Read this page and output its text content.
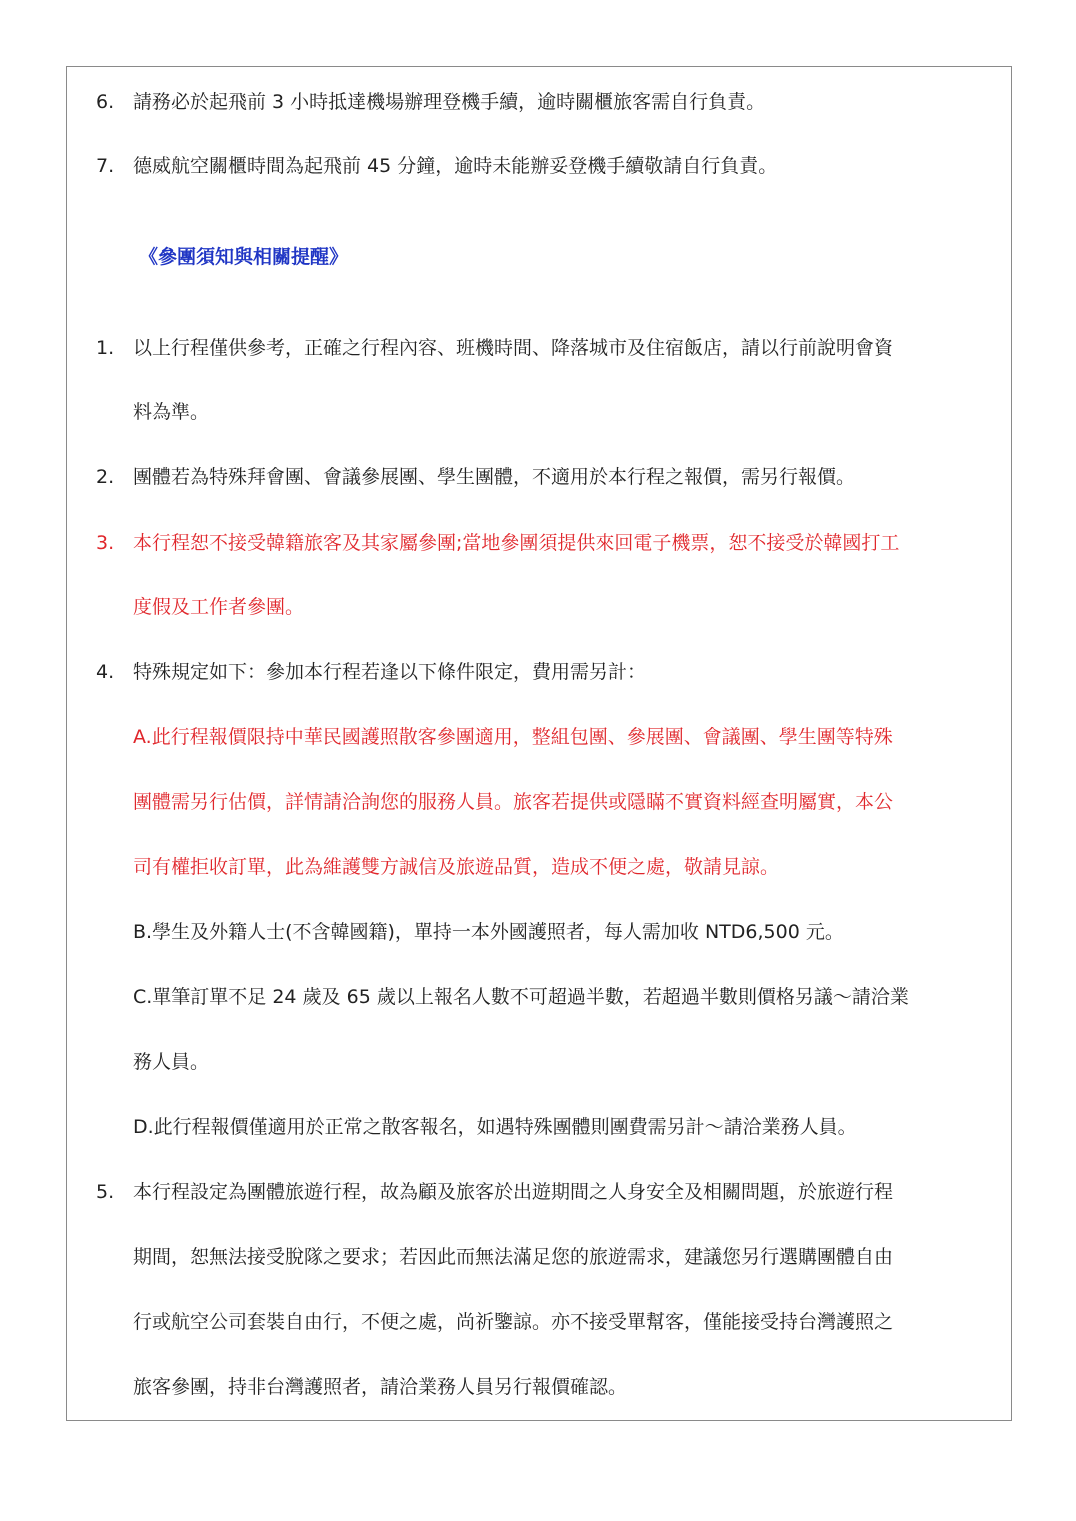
6. 請務必於起飛前 3 小時抵達機場辦理登機手續，逾時關櫃旅客需自行負責。
7. 德威航空關櫃時間為起飛前 45 分鐘，逾時未能辦妥登機手續敬請自行負責。
《參團須知與相關提醒》
1. 以上行程僅供參考，正確之行程內容、班機時間、降落城市及住宿飯店，請以行前說明會資
料為準。
2. 團體若為特殊拜會團、會議參展團、學生團體，不適用於本行程之報價，需另行報價。
3. 本行程恕不接受韓籍旅客及其家屬參團;當地參團須提供來回電子機票，恕不接受於韓國打工
度假及工作者參團。
4. 特殊規定如下：參加本行程若逢以下條件限定，費用需另計：
A.此行程報價限持中華民國護照散客參團適用，整組包團、參展團、會議團、學生團等特殊
團體需另行估價，詳情請洽詢您的服務人員。旅客若提供或隱瞞不實資料經查明屬實，本公
司有權拒收訂單，此為維護雙方誠信及旅遊品質，造成不便之處，敬請見諒。
B.學生及外籍人士(不含韓國籍)，單持一本外國護照者，每人需加收 NTD6,500 元。
C.單筆訂單不足 24 歲及 65 歲以上報名人數不可超過半數，若超過半數則價格另議～請洽業
務人員。
D.此行程報價僅適用於正常之散客報名，如遇特殊團體則團費需另計～請洽業務人員。
5. 本行程設定為團體旅遊行程，故為顧及旅客於出遊期間之人身安全及相關問題，於旅遊行程
期間，恕無法接受脫隊之要求；若因此而無法滿足您的旅遊需求，建議您另行選購團體自由
行或航空公司套裝自由行，不便之處，尚祈鑒諒。亦不接受單幫客，僅能接受持台灣護照之
旅客參團，持非台灣護照者，請洽業務人員另行報價確認。
